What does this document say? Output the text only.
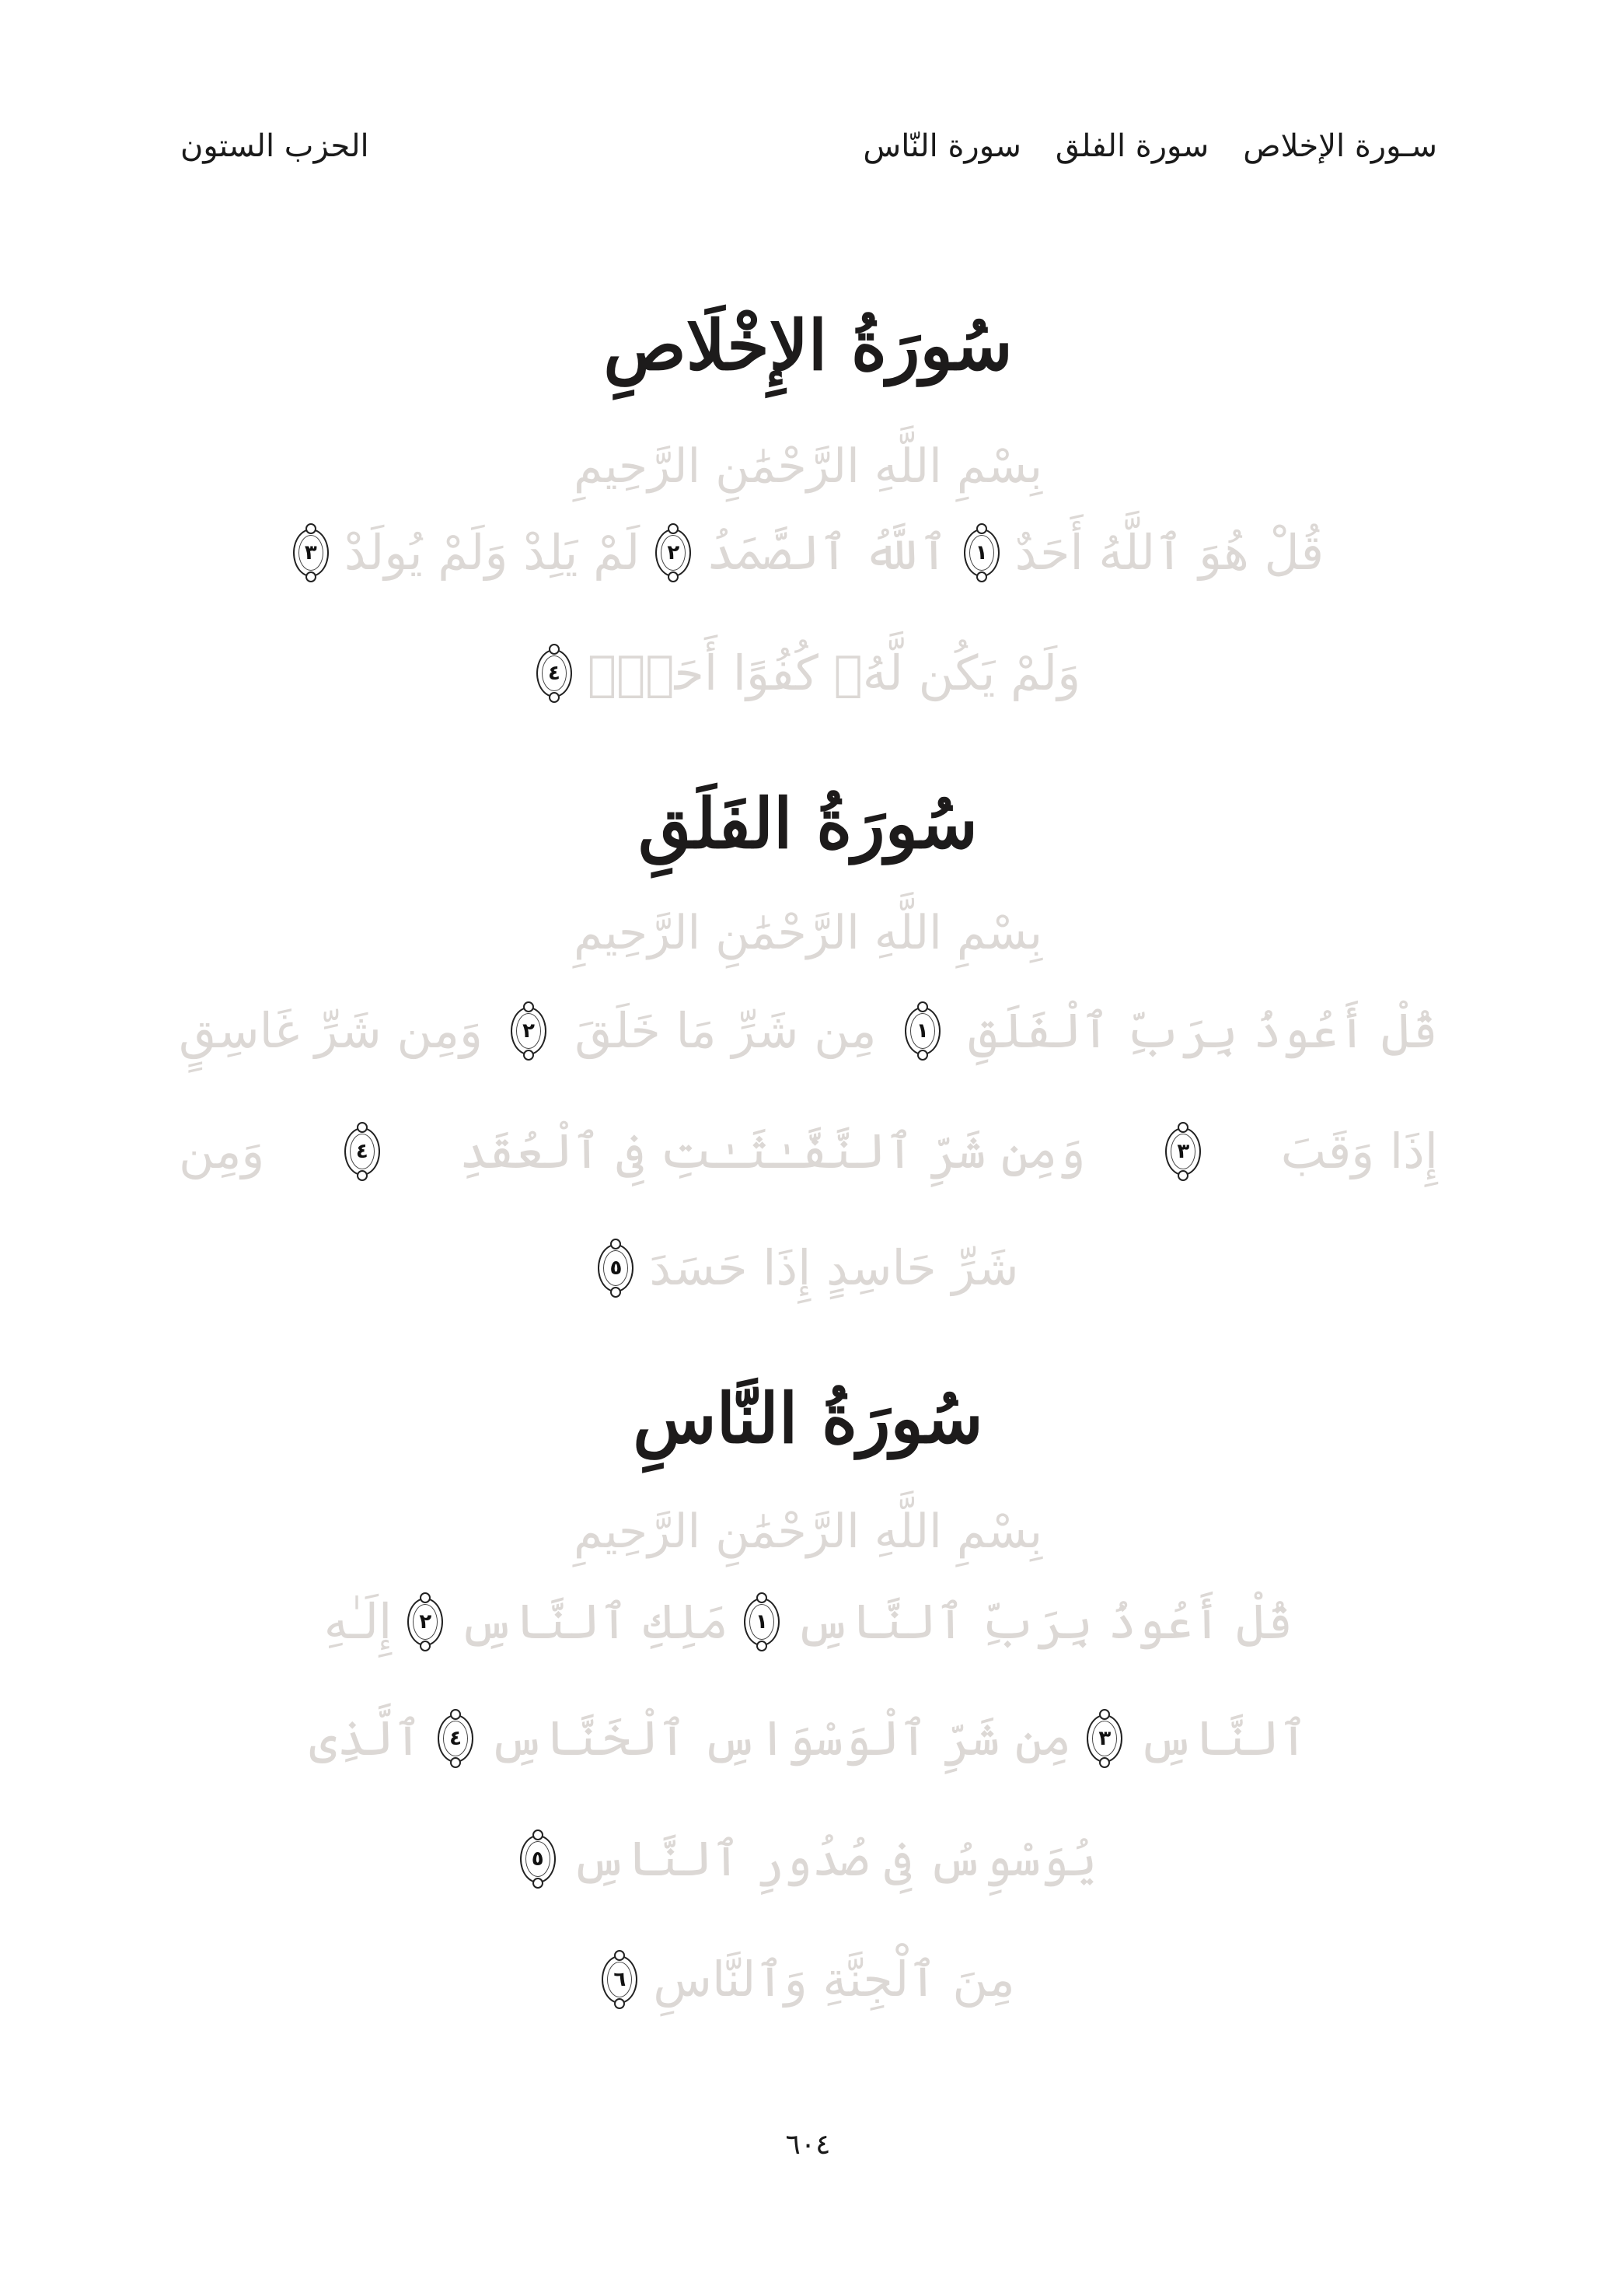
سـورة الإخلاص
سورة الفلق
سورة النّاس
الحزب الستون
سُورَةُ الإِخْلَاصِ
بِسْمِ اللَّهِ الرَّحْمَٰنِ الرَّحِيمِ
قُلْ هُوَ ٱللَّهُ أَحَدٌ
١
ٱللَّهُ ٱلصَّمَدُ
٢
لَمْ يَلِدْ وَلَمْ يُولَدْ
٣
وَلَمْ يَكُن لَّهُۥ كُفُوًا أَحَدٌۢ
٤
سُورَةُ الفَلَقِ
بِسْمِ اللَّهِ الرَّحْمَٰنِ الرَّحِيمِ
قُلْ أَعُوذُ بِرَبِّ ٱلْفَلَقِ
١
مِن شَرِّ مَا خَلَقَ
٢
وَمِن شَرِّ غَاسِقٍ
إِذَا وَقَبَ
٣
وَمِن شَرِّ ٱلنَّفَّـٰثَـٰتِ فِى ٱلْعُقَدِ
٤
وَمِن
شَرِّ حَاسِدٍ إِذَا حَسَدَ
٥
سُورَةُ النَّاسِ
بِسْمِ اللَّهِ الرَّحْمَٰنِ الرَّحِيمِ
قُلْ أَعُوذُ بِرَبِّ ٱلنَّاسِ
١
مَلِكِ ٱلنَّاسِ
٢
إِلَـٰهِ
ٱلنَّاسِ
٣
مِن شَرِّ ٱلْوَسْوَاسِ ٱلْخَنَّاسِ
٤
ٱلَّذِى
يُوَسْوِسُ فِى صُدُورِ ٱلنَّاسِ
٥
مِنَ ٱلْجِنَّةِ وَٱلنَّاسِ
٦
٦٠٤
